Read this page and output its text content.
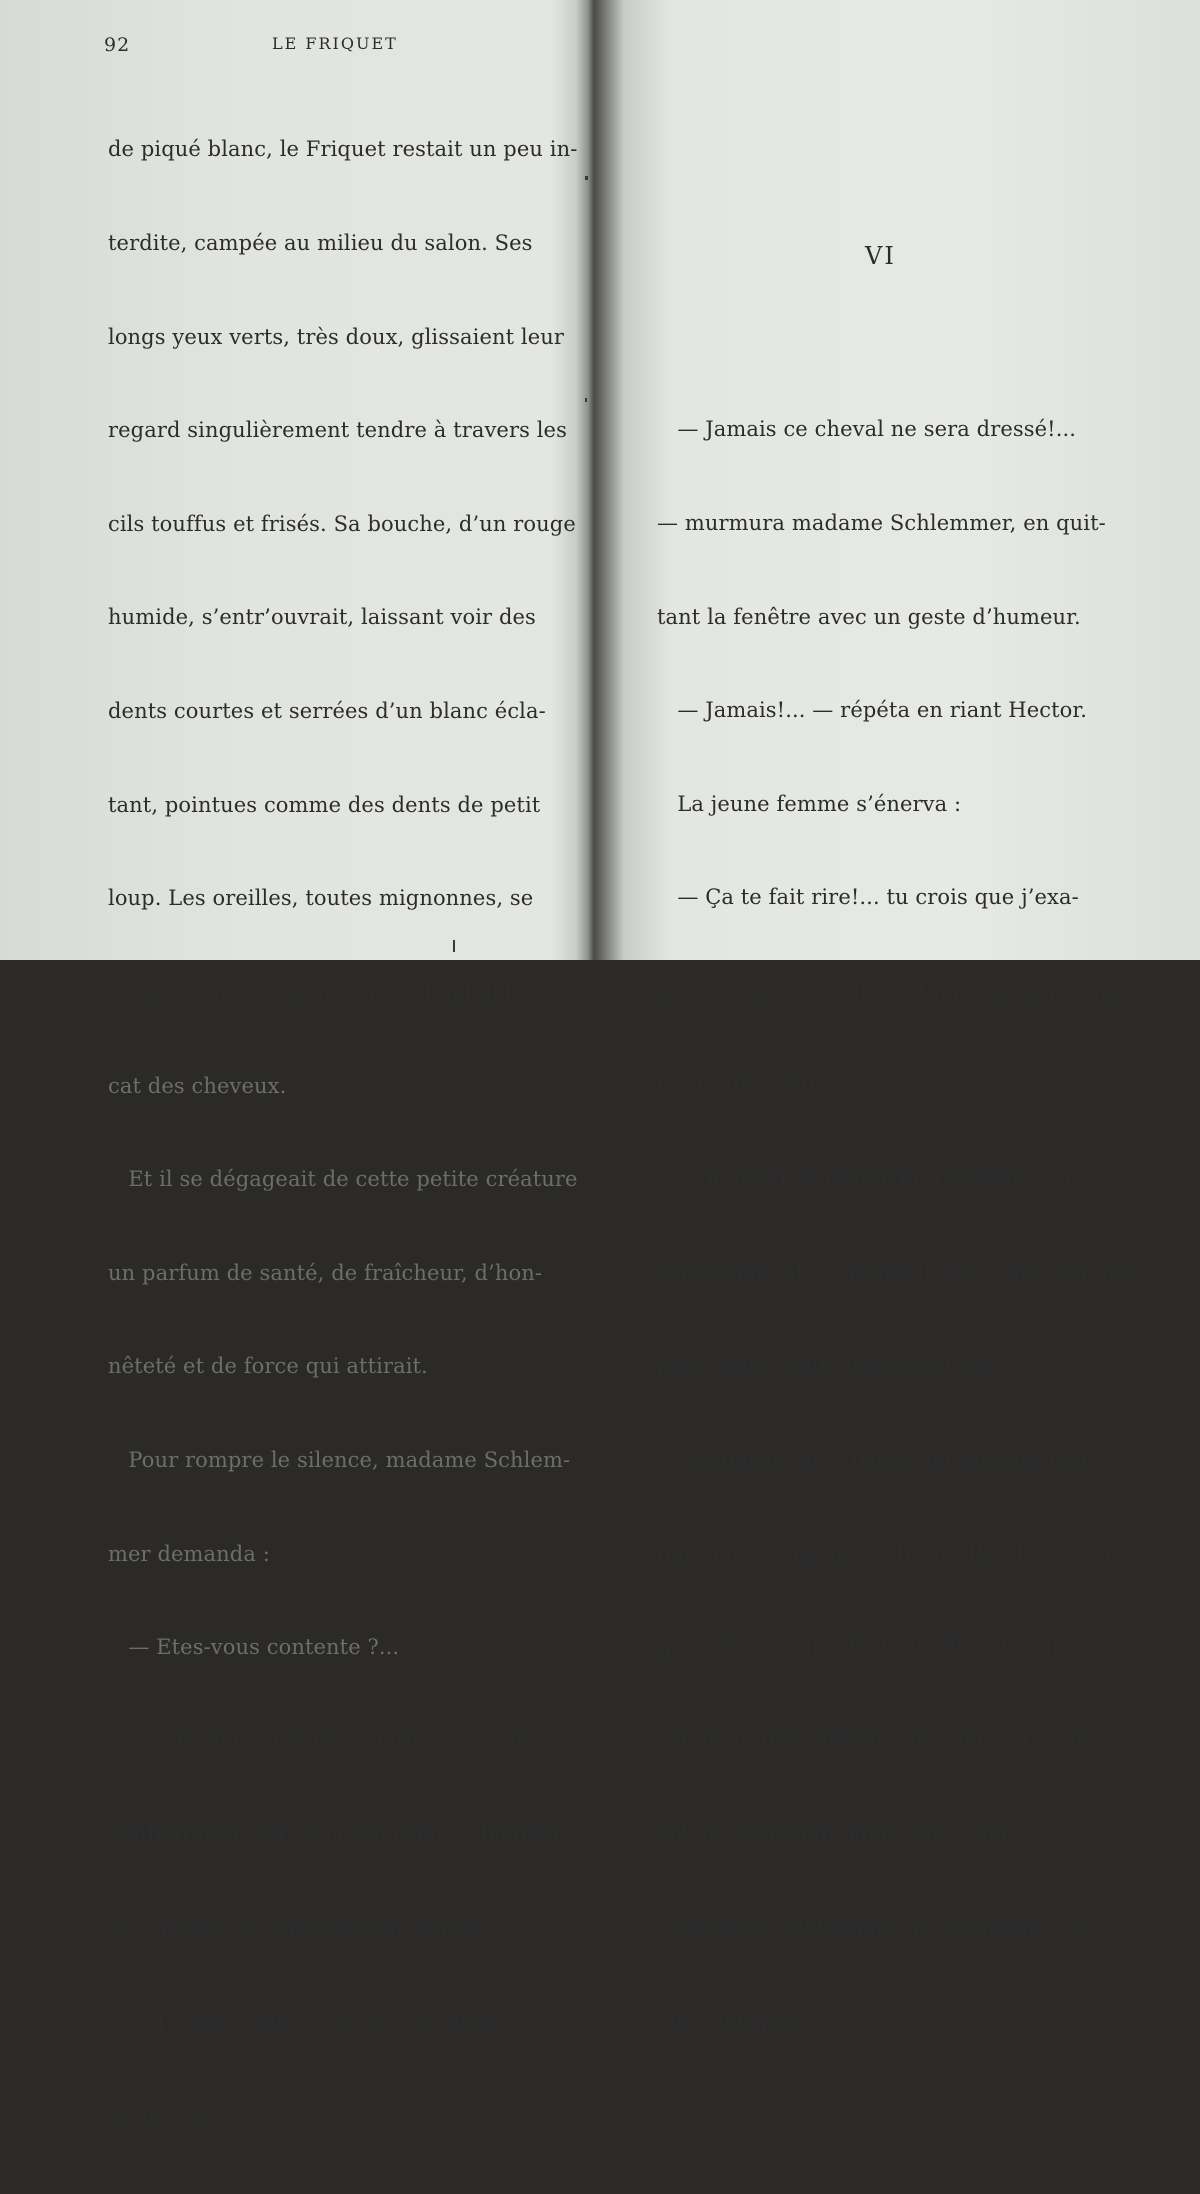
92	LE FRIQUET

de piqué blanc, le Friquet restait un peu in-

terdite, campée au milieu du salon. Ses

longs yeux verts, très doux, glissaient leur

regard singulièrement tendre à travers les

cils touffus et frisés. Sa bouche, d’un rouge

humide, s’entr’ouvrait, laissant voir des

dents courtes et serrées d’un blanc écla-

tant, pointues comme des dents de petit

loup. Les oreilles, toutes mignonnes, se

détachaient en rouge sur le blond déli-

cat des cheveux.

Et il se dégageait de cette petite créature

un parfum de santé, de fraîcheur, d’hon-

nêteté et de force qui attirait.

Pour rompre le silence, madame Schlem-

mer demanda :

— Etes-vous contente ?...

Le Friquet coula un regard tout plein

d’admiration sur sa petite robe, si blanche

et si neuve, et répondit convaincue :

— J’ vous crois !... me v’là en blanc !...,

mon rêve !...

VI

— Jamais ce cheval ne sera dressé!...

— murmura madame Schlemmer, en quit-

tant la fenêtre avec un geste d’humeur.

— Jamais!... — répéta en riant Hector.

La jeune femme s’énerva :

— Ça te fait rire!... tu crois que j’exa-

gère... regarde!... il n’est pas mieux mis que

le premier jour...

— Je n’ai pas besoin de regarder!... je

sais comment s’y prend la perle que ton mari

paye douze mille francs par an...

Les douze mille francs du piqueur exas-

péraient le marquis d’Hourville. Il se disait

que, pour ce prix-là, il tiendrait l’écurie de

son beau-frère infiniment mieux et en le

volant beaucoup moins que l’Anglais.

Madame Schlemmer ne répondait rien ;

alors il reprit :
